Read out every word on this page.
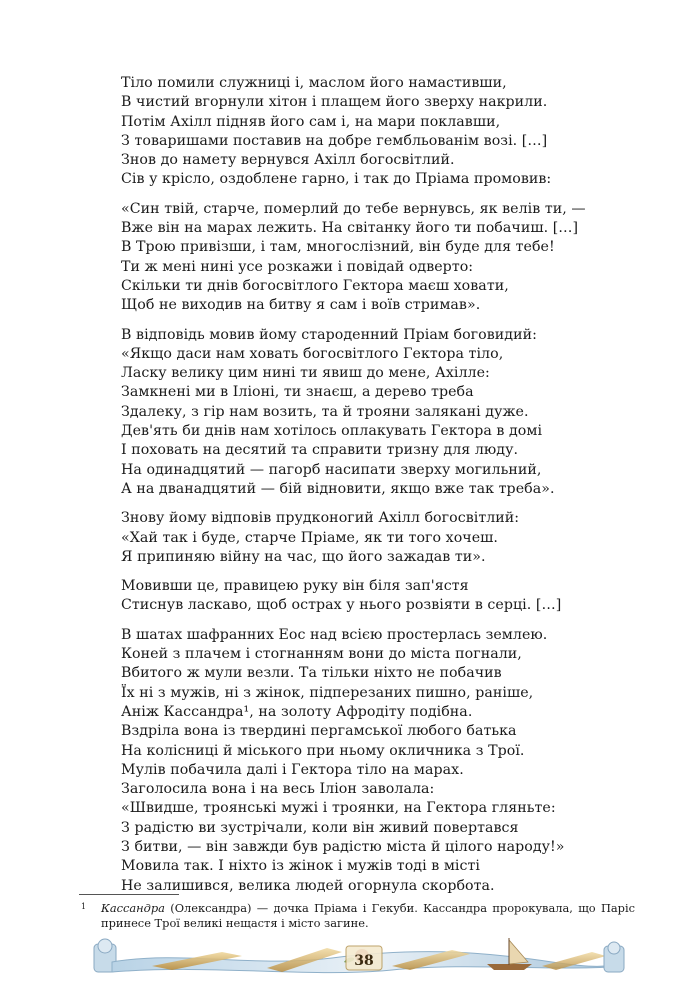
Тіло помили служниці і, маслом його намастивши,
В чистий вгорнули хітон і плащем його зверху накрили.
Потім Ахілл підняв його сам і, на мари поклавши,
З товаришами поставив на добре гембльованім возі. […]
Знов до намету вернувся Ахілл богосвітлий.
Сів у крісло, оздоблене гарно, і так до Пріама промовив:
«Син твій, старче, померлий до тебе вернувсь, як велів ти, —
Вже він на марах лежить. На світанку його ти побачиш. […]
В Трою привізши, і там, многослізний, він буде для тебе!
Ти ж мені нині усе розкажи і повідай одверто:
Скільки ти днів богосвітлого Гектора маєш ховати,
Щоб не виходив на битву я сам і воїв стримав».
В відповідь мовив йому староденний Пріам боговидий:
«Якщо даси нам ховать богосвітлого Гектора тіло,
Ласку велику цим нині ти явиш до мене, Ахілле:
Замкнені ми в Іліоні, ти знаєш, а дерево треба
Здалеку, з гір нам возить, та й трояни залякані дуже.
Дев'ять би днів нам хотілось оплакувать Гектора в домі
І поховать на десятий та справити тризну для люду.
На одинадцятий — пагорб насипати зверху могильний,
А на дванадцятий — бій відновити, якщо вже так треба».
Знову йому відповів прудконогий Ахілл богосвітлий:
«Хай так і буде, старче Пріаме, як ти того хочеш.
Я припиняю війну на час, що його зажадав ти».
Мовивши це, правицею руку він біля зап'ястя
Стиснув ласкаво, щоб острах у нього розвіяти в серці. […]
В шатах шафранних Еос над всією простерлась землею.
Коней з плачем і стогнанням вони до міста погнали,
Вбитого ж мули везли. Та тільки ніхто не побачив
Їх ні з мужів, ні з жінок, підперезаних пишно, раніше,
Аніж Кассандра¹, на золоту Афродіту подібна.
Вздріла вона із твердині пергамської любого батька
На колісниці й міського при ньому окличника з Трої.
Мулів побачила далі і Гектора тіло на марах.
Заголосила вона і на весь Іліон заволала:
«Швидше, троянські мужі і троянки, на Гектора гляньте:
З радістю ви зустрічали, коли він живий повертався
З битви, — він завжди був радістю міста й цілого народу!»
Мовила так. І ніхто із жінок і мужів тоді в місті
Не залишився, велика людей огорнула скорбота.
1 Кассандра (Олександра) — дочка Пріама і Гекуби. Кассандра пророкувала, що Паріс принесе Трої великі нещастя і місто загине.
38
